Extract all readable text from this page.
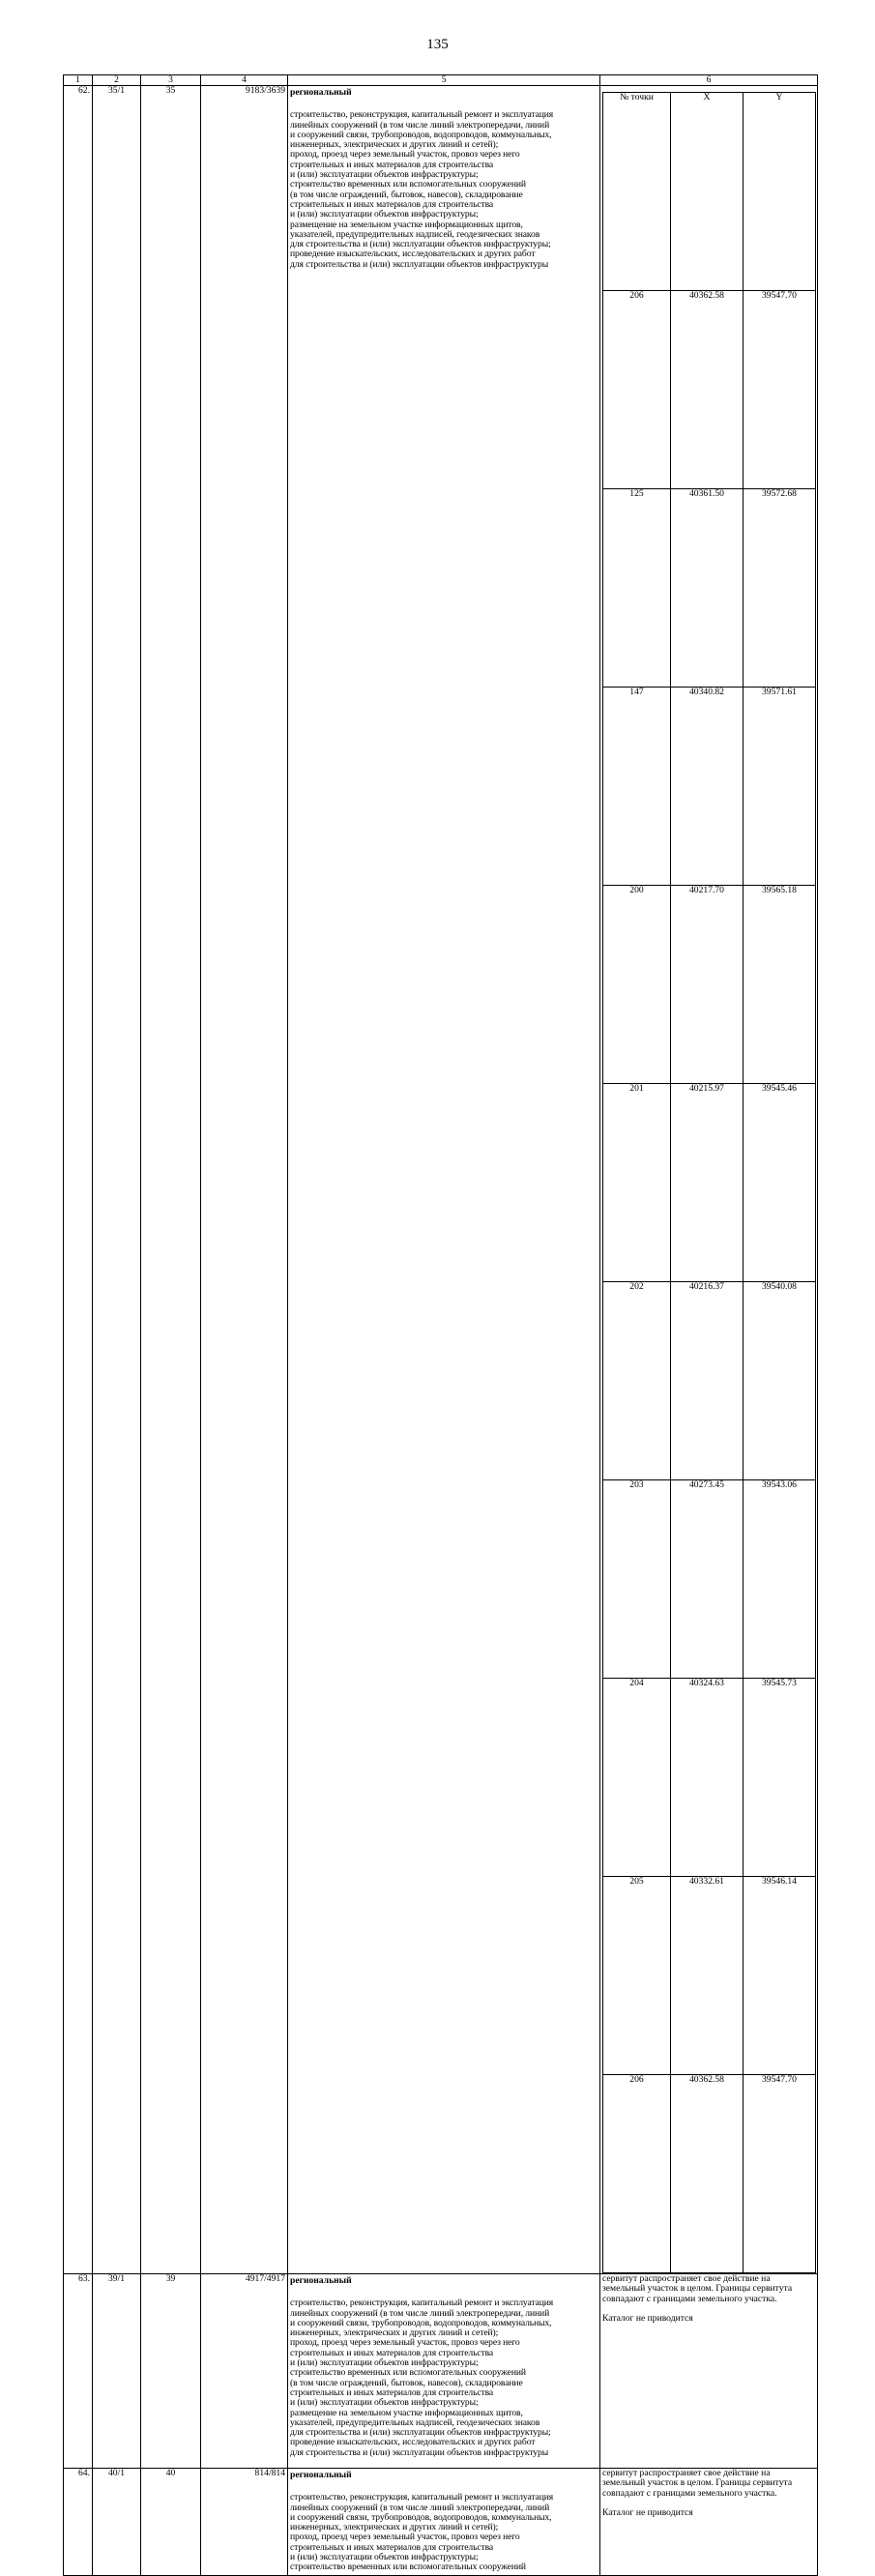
135
1	2	3	4	5	6
62.	35/1	35	9183/3639	региональный
строительство, реконструкция, капитальный ремонт и эксплуатация
линейных сооружений (в том числе линий электропередачи, линий
и сооружений связи, трубопроводов, водопроводов, коммунальных,
инженерных, электрических и других линий и сетей);
проход, проезд через земельный участок, провоз через него
строительных и иных материалов для строительства
и (или) эксплуатации объектов инфраструктуры;
строительство временных или вспомогательных сооружений
(в том числе ограждений, бытовок, навесов), складирование
строительных и иных материалов для строительства
и (или) эксплуатации объектов инфраструктуры;
размещение на земельном участке информационных щитов,
указателей, предупредительных надписей, геодезических знаков
для строительства и (или) эксплуатации объектов инфраструктуры;
проведение изыскательских, исследовательских и других работ
для строительства и (или) эксплуатации объектов инфраструктуры

№ точки	X	Y
206	40362.58	39547.70
125	40361.50	39572.68
147	40340.82	39571.61
200	40217.70	39565.18
201	40215.97	39545.46
202	40216.37	39540.08
203	40273.45	39543.06
204	40324.63	39545.73
205	40332.61	39546.14
206	40362.58	39547.70

63.	39/1	39	4917/4917	региональный
строительство, реконструкция, капитальный ремонт и эксплуатация
линейных сооружений (в том числе линий электропередачи, линий
и сооружений связи, трубопроводов, водопроводов, коммунальных,
инженерных, электрических и других линий и сетей);
проход, проезд через земельный участок, провоз через него
строительных и иных материалов для строительства
и (или) эксплуатации объектов инфраструктуры;
строительство временных или вспомогательных сооружений
(в том числе ограждений, бытовок, навесов), складирование
строительных и иных материалов для строительства
и (или) эксплуатации объектов инфраструктуры;
размещение на земельном участке информационных щитов,
указателей, предупредительных надписей, геодезических знаков
для строительства и (или) эксплуатации объектов инфраструктуры;
проведение изыскательских, исследовательских и других работ
для строительства и (или) эксплуатации объектов инфраструктуры

сервитут распространяет свое действие на
земельный участок в целом. Границы сервитута
совпадают с границами земельного участка.
Каталог не приводится

64.	40/1	40	814/814	региональный
строительство, реконструкция, капитальный ремонт и эксплуатация
линейных сооружений (в том числе линий электропередачи, линий
и сооружений связи, трубопроводов, водопроводов, коммунальных,
инженерных, электрических и других линий и сетей);
проход, проезд через земельный участок, провоз через него
строительных и иных материалов для строительства
и (или) эксплуатации объектов инфраструктуры;
строительство временных или вспомогательных сооружений

сервитут распространяет свое действие на
земельный участок в целом. Границы сервитута
совпадают с границами земельного участка.
Каталог не приводится
